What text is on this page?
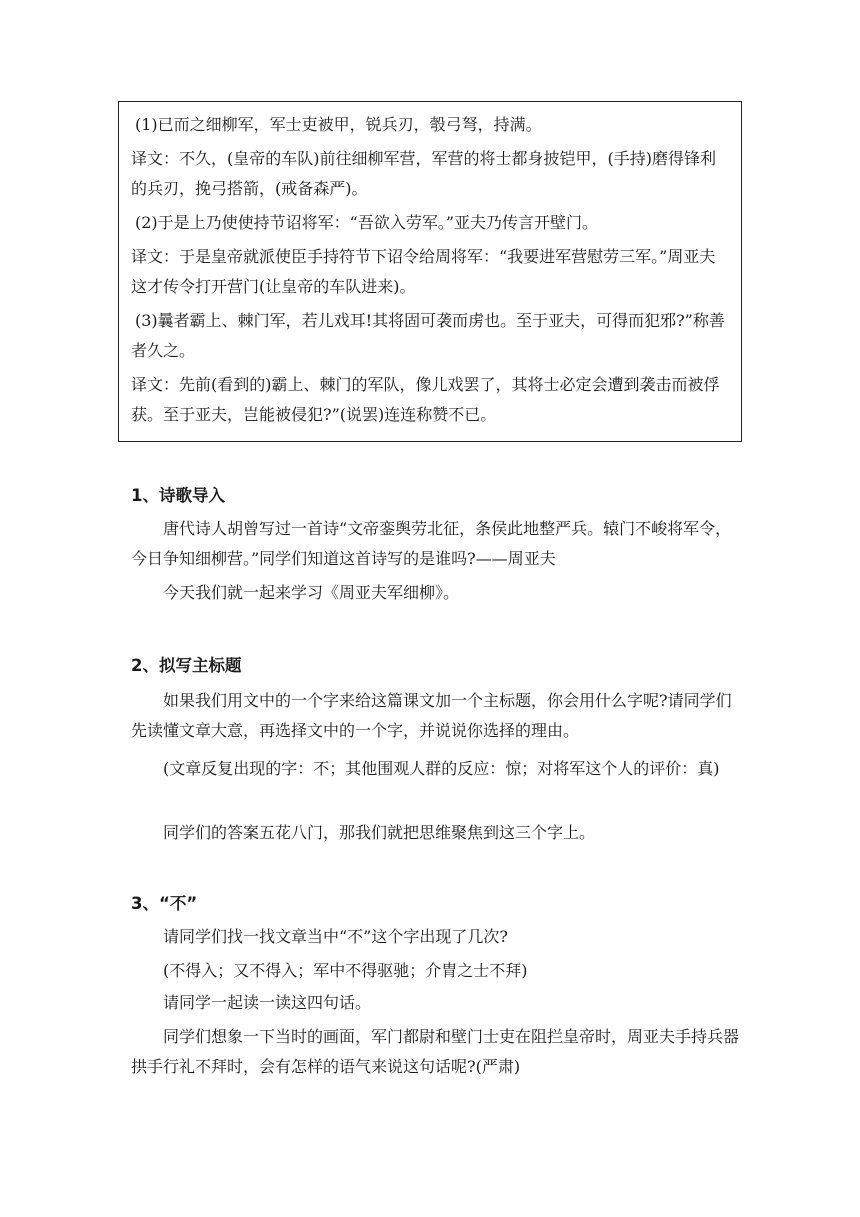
(1)已而之细柳军，军士吏被甲，锐兵刃，彀弓弩，持满。

译文：不久，(皇帝的车队)前往细柳军营，军营的将士都身披铠甲，(手持)磨得锋利的兵刃，挽弓搭箭，(戒备森严)。

(2)于是上乃使使持节诏将军：“吾欲入劳军。”亚夫乃传言开壁门。

译文：于是皇帝就派使臣手持符节下诏令给周将军：“我要进军营慰劳三军。”周亚夫这才传令打开营门(让皇帝的车队进来)。

(3)曩者霸上、棘门军，若儿戏耳!其将固可袭而虏也。至于亚夫，可得而犯邪?”称善者久之。

译文：先前(看到的)霸上、棘门的军队，像儿戏罢了，其将士必定会遭到袭击而被俘获。至于亚夫，岂能被侵犯?”(说罢)连连称赞不已。

1、诗歌导入

唐代诗人胡曾写过一首诗“文帝銮舆劳北征，条侯此地整严兵。辕门不峻将军令，今日争知细柳营。”同学们知道这首诗写的是谁吗?——周亚夫

今天我们就一起来学习《周亚夫军细柳》。

2、拟写主标题

如果我们用文中的一个字来给这篇课文加一个主标题，你会用什么字呢?请同学们先读懂文章大意，再选择文中的一个字，并说说你选择的理由。

(文章反复出现的字：不；其他围观人群的反应：惊；对将军这个人的评价：真)

同学们的答案五花八门，那我们就把思维聚焦到这三个字上。

3、“不”

请同学们找一找文章当中“不”这个字出现了几次?

(不得入；又不得入；军中不得驱驰；介胄之士不拜)

请同学一起读一读这四句话。

同学们想象一下当时的画面，军门都尉和壁门士吏在阻拦皇帝时，周亚夫手持兵器拱手行礼不拜时，会有怎样的语气来说这句话呢?(严肃)
